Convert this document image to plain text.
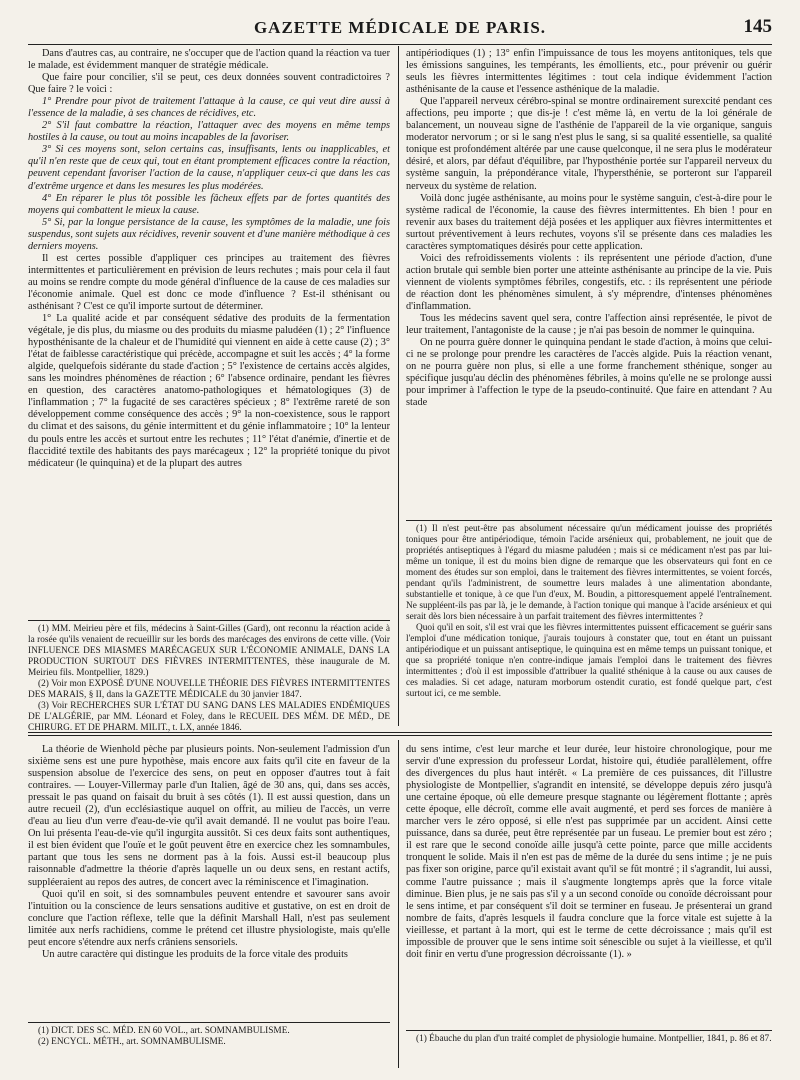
GAZETTE MÉDICALE DE PARIS.	145

Dans d'autres cas, au contraire, ne s'occuper que de l'action quand la réaction va tuer le malade, est évidemment manquer de stratégie médicale.

Que faire pour concilier, s'il se peut, ces deux données souvent contradictoires ? Que faire ? le voici :

1° Prendre pour pivot de traitement l'attaque à la cause, ce qui veut dire aussi à l'essence de la maladie, à ses chances de récidives, etc.

2° S'il faut combattre la réaction, l'attaquer avec des moyens en même temps hostiles à la cause, ou tout au moins incapables de la favoriser.

3° Si ces moyens sont, selon certains cas, insuffisants, lents ou inapplicables, et qu'il n'en reste que de ceux qui, tout en étant promptement efficaces contre la réaction, peuvent cependant favoriser l'action de la cause, n'appliquer ceux-ci que dans les cas d'extrême urgence et dans les mesures les plus modérées.

4° En réparer le plus tôt possible les fâcheux effets par de fortes quantités des moyens qui combattent le mieux la cause.

5° Si, par la longue persistance de la cause, les symptômes de la maladie, une fois suspendus, sont sujets aux récidives, revenir souvent et d'une manière méthodique à ces derniers moyens.

Il est certes possible d'appliquer ces principes au traitement des fièvres intermittentes et particulièrement en prévision de leurs rechutes ; mais pour cela il faut au moins se rendre compte du mode général d'influence de la cause de ces maladies sur l'économie animale. Quel est donc ce mode d'influence ? Est-il sthénisant ou asthénisant ? C'est ce qu'il importe surtout de déterminer.

1° La qualité acide et par conséquent sédative des produits de la fermentation végétale, je dis plus, du miasme ou des produits du miasme paludéen (1) ; 2° l'influence hyposthénisante de la chaleur et de l'humidité qui viennent en aide à cette cause (2) ; 3° l'état de faiblesse caractéristique qui précède, accompagne et suit les accès ; 4° la forme algide, quelquefois sidérante du stade d'action ; 5° l'existence de certains accès algides, sans les moindres phénomènes de réaction ; 6° l'absence ordinaire, pendant les fièvres en question, des caractères anatomo-pathologiques et hématologiques (3) de l'inflammation ; 7° la fugacité de ses caractères spécieux ; 8° l'extrême rareté de son développement comme conséquence des accès ; 9° la non-coexistence, sous le rapport du climat et des saisons, du génie intermittent et du génie inflammatoire ; 10° la lenteur du pouls entre les accès et surtout entre les rechutes ; 11° l'état d'anémie, d'inertie et de flaccidité textile des habitants des pays marécageux ; 12° la propriété tonique du pivot médicateur (le quinquina) et de la plupart des autres

(1) MM. Meirieu père et fils, médecins à Saint-Gilles (Gard), ont reconnu la réaction acide à la rosée qu'ils venaient de recueillir sur les bords des marécages des environs de cette ville. (Voir INFLUENCE DES MIASMES MARÉCAGEUX SUR L'ÉCONOMIE ANIMALE, DANS LA PRODUCTION SURTOUT DES FIÈVRES INTERMITTENTES, thèse inaugurale de M. Meirieu fils. Montpellier, 1829.)

(2) Voir mon EXPOSÉ D'UNE NOUVELLE THÉORIE DES FIÈVRES INTERMITTENTES DES MARAIS, § II, dans la GAZETTE MÉDICALE du 30 janvier 1847.

(3) Voir RECHERCHES SUR L'ÉTAT DU SANG DANS LES MALADIES ENDÉMIQUES DE L'ALGÉRIE, par MM. Léonard et Foley, dans le RECUEIL DES MÉM. DE MÉD., DE CHIRURG. ET DE PHARM. MILIT., t. LX, année 1846.

antipériodiques (1) ; 13° enfin l'impuissance de tous les moyens antitoniques, tels que les émissions sanguines, les tempérants, les émollients, etc., pour prévenir ou guérir seuls les fièvres intermittentes légitimes : tout cela indique évidemment l'action asthénisante de la cause et l'essence asthénique de la maladie.

Que l'appareil nerveux cérébro-spinal se montre ordinairement surexcité pendant ces affections, peu importe ; que dis-je ! c'est même là, en vertu de la loi générale de balancement, un nouveau signe de l'asthénie de l'appareil de la vie organique, sanguis moderator nervorum ; or si le sang n'est plus le sang, si sa qualité essentielle, sa qualité tonique est profondément altérée par une cause quelconque, il ne sera plus le modérateur désiré, et alors, par défaut d'équilibre, par l'hyposthénie portée sur l'appareil nerveux du système sanguin, la prépondérance vitale, l'hypersthénie, se porteront sur l'appareil nerveux du système de relation.

Voilà donc jugée asthénisante, au moins pour le système sanguin, c'est-à-dire pour le système radical de l'économie, la cause des fièvres intermittentes. Eh bien ! pour en revenir aux bases du traitement déjà posées et les appliquer aux fièvres intermittentes et surtout préventivement à leurs rechutes, voyons s'il se présente dans ces maladies les caractères symptomatiques désirés pour cette application.

Voici des refroidissements violents : ils représentent une période d'action, d'une action brutale qui semble bien porter une atteinte asthénisante au principe de la vie. Puis viennent de violents symptômes fébriles, congestifs, etc. : ils représentent une période de réaction dont les phénomènes simulent, à s'y méprendre, d'intenses phénomènes d'inflammation.

Tous les médecins savent quel sera, contre l'affection ainsi représentée, le pivot de leur traitement, l'antagoniste de la cause ; je n'ai pas besoin de nommer le quinquina.

On ne pourra guère donner le quinquina pendant le stade d'action, à moins que celui-ci ne se prolonge pour prendre les caractères de l'accès algide. Puis la réaction venant, on ne pourra guère non plus, si elle a une forme franchement sthénique, songer au spécifique jusqu'au déclin des phénomènes fébriles, à moins qu'elle ne se prolonge aussi pour imprimer à l'affection le type de la pseudo-continuité. Que faire en attendant ? Au stade

(1) Il n'est peut-être pas absolument nécessaire qu'un médicament jouisse des propriétés toniques pour être antipériodique, témoin l'acide arsénieux qui, probablement, ne jouit que de propriétés antiseptiques à l'égard du miasme paludéen ; mais si ce médicament n'est pas par lui-même un tonique, il est du moins bien digne de remarque que les observateurs qui font en ce moment des études sur son emploi, dans le traitement des fièvres intermittentes, se voient forcés, pendant qu'ils l'administrent, de soumettre leurs malades à une alimentation abondante, substantielle et tonique, à ce que l'un d'eux, M. Boudin, a pittoresquement appelé l'entraînement. Ne suppléent-ils pas par là, je le demande, à l'action tonique qui manque à l'acide arsénieux et qui serait dès lors bien nécessaire à un parfait traitement des fièvres intermittentes ?

Quoi qu'il en soit, s'il est vrai que les fièvres intermittentes puissent efficacement se guérir sans l'emploi d'une médication tonique, j'aurais toujours à constater que, tout en étant un puissant antipériodique et un puissant antiseptique, le quinquina est en même temps un puissant tonique, et que sa propriété tonique n'en contre-indique jamais l'emploi dans le traitement des fièvres intermittentes ; d'où il est impossible d'attribuer la qualité sthénique à la cause ou aux causes de ces maladies. Si cet adage, naturam morborum ostendit curatio, est fondé quelque part, c'est surtout ici, ce me semble.

La théorie de Wienhold pèche par plusieurs points. Non-seulement l'admission d'un sixième sens est une pure hypothèse, mais encore aux faits qu'il cite en faveur de la suspension absolue de l'exercice des sens, on peut en opposer d'autres tout à fait contraires. — Louyer-Villermay parle d'un Italien, âgé de 30 ans, qui, dans ses accès, pressait le pas quand on faisait du bruit à ses côtés (1). Il est aussi question, dans un autre recueil (2), d'un ecclésiastique auquel on offrit, au milieu de l'accès, un verre d'eau au lieu d'un verre d'eau-de-vie qu'il avait demandé. Il ne voulut pas boire l'eau. On lui présenta l'eau-de-vie qu'il ingurgita aussitôt. Si ces deux faits sont authentiques, il est bien évident que l'ouïe et le goût peuvent être en exercice chez les somnambules, partant que tous les sens ne dorment pas à la fois. Aussi est-il beaucoup plus raisonnable d'admettre la théorie d'après laquelle un ou deux sens, en restant actifs, suppléeraient au repos des autres, de concert avec la réminiscence et l'imagination.

Quoi qu'il en soit, si des somnambules peuvent entendre et savourer sans avoir l'intuition ou la conscience de leurs sensations auditive et gustative, on est en droit de conclure que l'action réflexe, telle que la définit Marshall Hall, n'est pas seulement limitée aux nerfs rachidiens, comme le prétend cet illustre physiologiste, mais qu'elle peut encore s'étendre aux nerfs crâniens sensoriels.

Un autre caractère qui distingue les produits de la force vitale des produits

(1) DICT. DES SC. MÉD. EN 60 VOL., art. SOMNAMBULISME.

(2) ENCYCL. MÉTH., art. SOMNAMBULISME.

du sens intime, c'est leur marche et leur durée, leur histoire chronologique, pour me servir d'une expression du professeur Lordat, histoire qui, étudiée parallèlement, offre des divergences du plus haut intérêt. « La première de ces puissances, dit l'illustre physiologiste de Montpellier, s'agrandit en intensité, se développe depuis zéro jusqu'à une certaine époque, où elle demeure presque stagnante ou légèrement flottante ; après cette époque, elle décroît, comme elle avait augmenté, et perd ses forces de manière à marcher vers le zéro opposé, si elle n'est pas supprimée par un accident. Ainsi cette puissance, dans sa durée, peut être représentée par un fuseau. Le premier bout est zéro ; il est rare que le second conoïde aille jusqu'à cette pointe, parce que mille accidents tronquent le solide. Mais il n'en est pas de même de la durée du sens intime ; je ne puis pas fixer son origine, parce qu'il existait avant qu'il se fût montré ; il s'agrandit, lui aussi, comme l'autre puissance ; mais il s'augmente longtemps après que la force vitale diminue. Bien plus, je ne sais pas s'il y a un second conoïde ou conoïde décroissant pour le sens intime, et par conséquent s'il doit se terminer en fuseau. Je présenterai un grand nombre de faits, d'après lesquels il faudra conclure que la force vitale est sujette à la vieillesse, et partant à la mort, qui est le terme de cette décroissance ; mais qu'il est impossible de prouver que le sens intime soit sénescible ou sujet à la vieillesse, et qu'il doit finir en vertu d'une progression décroissante (1). »

(1) Ébauche du plan d'un traité complet de physiologie humaine. Montpellier, 1841, p. 86 et 87.
